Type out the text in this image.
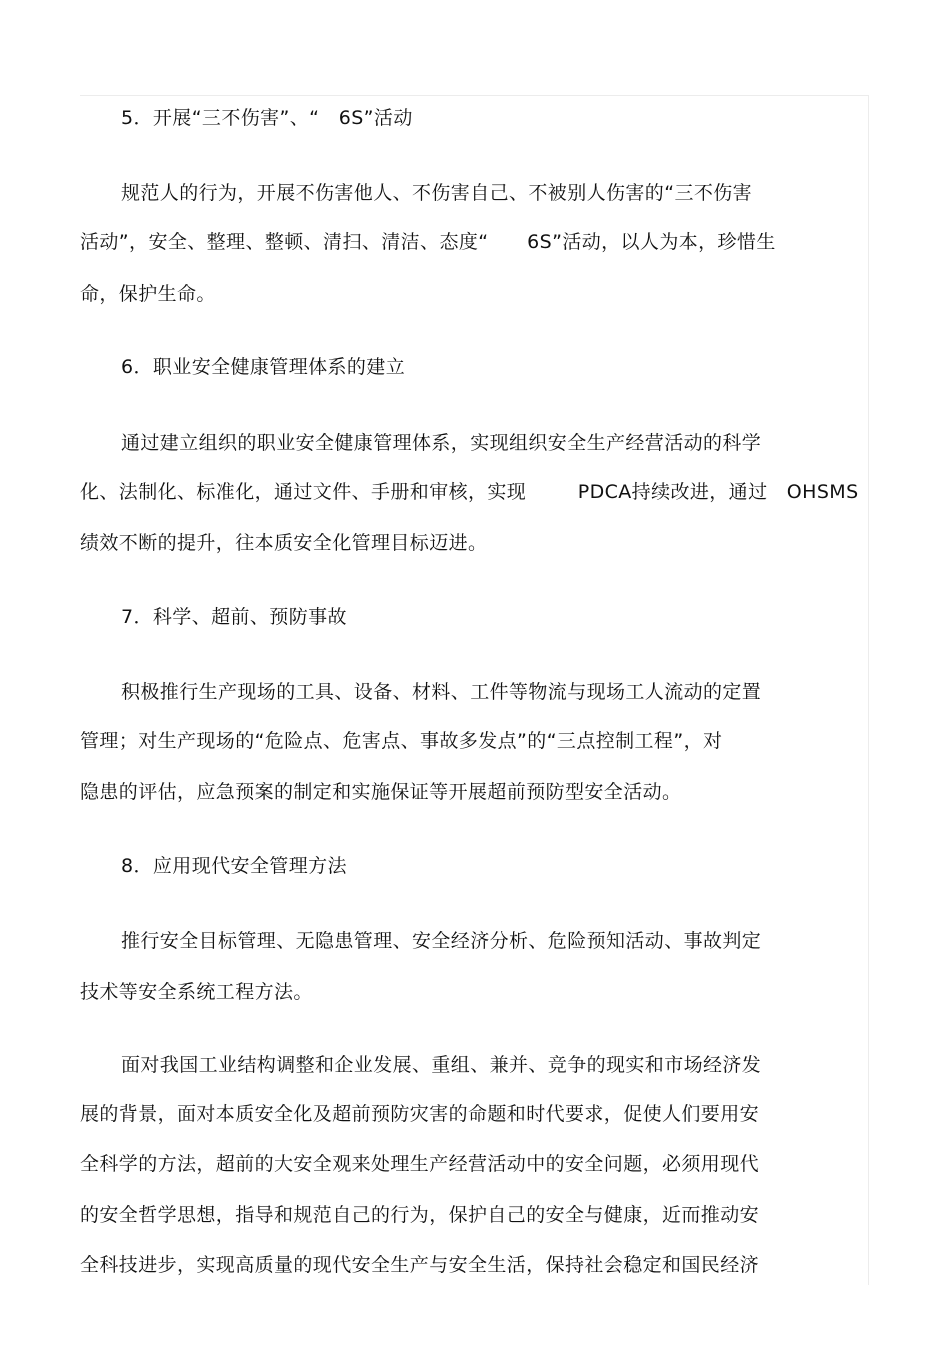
5．开展“三不伤害”、“   6S”活动
规范人的行为，开展不伤害他人、不伤害自己、不被别人伤害的“三不伤害
活动”，安全、整理、整顿、清扫、清洁、态度“      6S”活动，以人为本，珍惜生
命，保护生命。
6．职业安全健康管理体系的建立
通过建立组织的职业安全健康管理体系，实现组织安全生产经营活动的科学
化、法制化、标准化，通过文件、手册和审核，实现        PDCA持续改进，通过   OHSMS
绩效不断的提升，往本质安全化管理目标迈进。
7．科学、超前、预防事故
积极推行生产现场的工具、设备、材料、工件等物流与现场工人流动的定置
管理；对生产现场的“危险点、危害点、事故多发点”的“三点控制工程”，对
隐患的评估，应急预案的制定和实施保证等开展超前预防型安全活动。
8．应用现代安全管理方法
推行安全目标管理、无隐患管理、安全经济分析、危险预知活动、事故判定
技术等安全系统工程方法。
面对我国工业结构调整和企业发展、重组、兼并、竞争的现实和市场经济发
展的背景，面对本质安全化及超前预防灾害的命题和时代要求，促使人们要用安
全科学的方法，超前的大安全观来处理生产经营活动中的安全问题，必须用现代
的安全哲学思想，指导和规范自己的行为，保护自己的安全与健康，近而推动安
全科技进步，实现高质量的现代安全生产与安全生活，保持社会稳定和国民经济
